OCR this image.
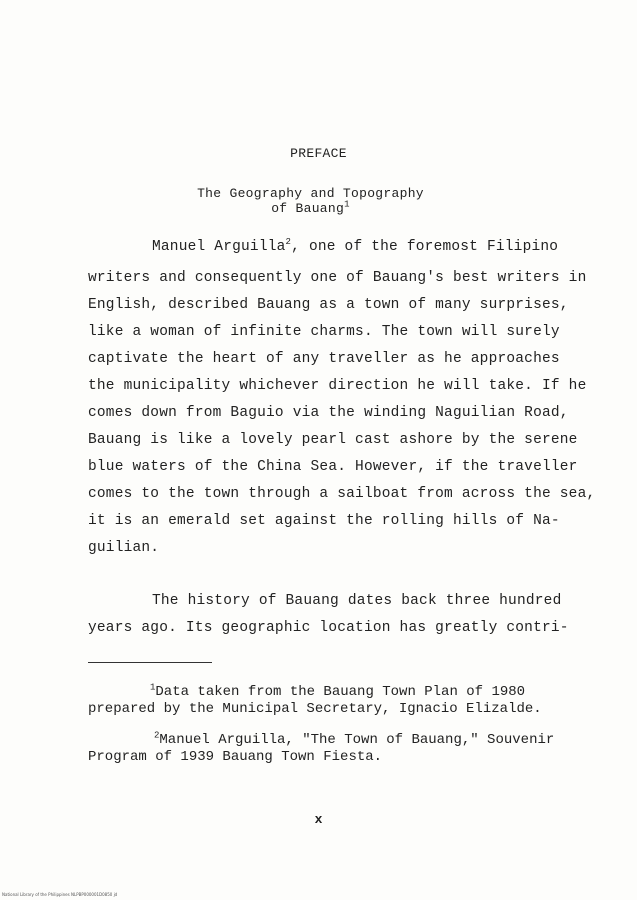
PREFACE
The Geography and Topography
of Bauang$^1$
Manuel Arguilla$^2$, one of the foremost Filipino
writers and consequently one of Bauang's best writers in
English, described Bauang as a town of many surprises,
like a woman of infinite charms. The town will surely
captivate the heart of any traveller as he approaches
the municipality whichever direction he will take. If he
comes down from Baguio via the winding Naguilian Road,
Bauang is like a lovely pearl cast ashore by the serene
blue waters of the China Sea. However, if the traveller
comes to the town through a sailboat from across the sea,
it is an emerald set against the rolling hills of Na-
guilian.
The history of Bauang dates back three hundred
years ago. Its geographic location has greatly contri-
$^1$Data taken from the Bauang Town Plan of 1980
prepared by the Municipal Secretary, Ignacio Elizalde.
$^2$Manuel Arguilla, "The Town of Bauang," Souvenir
Program of 1939 Bauang Town Fiesta.
x
National Library of the Philippines NLPBP000001D0850 jd
